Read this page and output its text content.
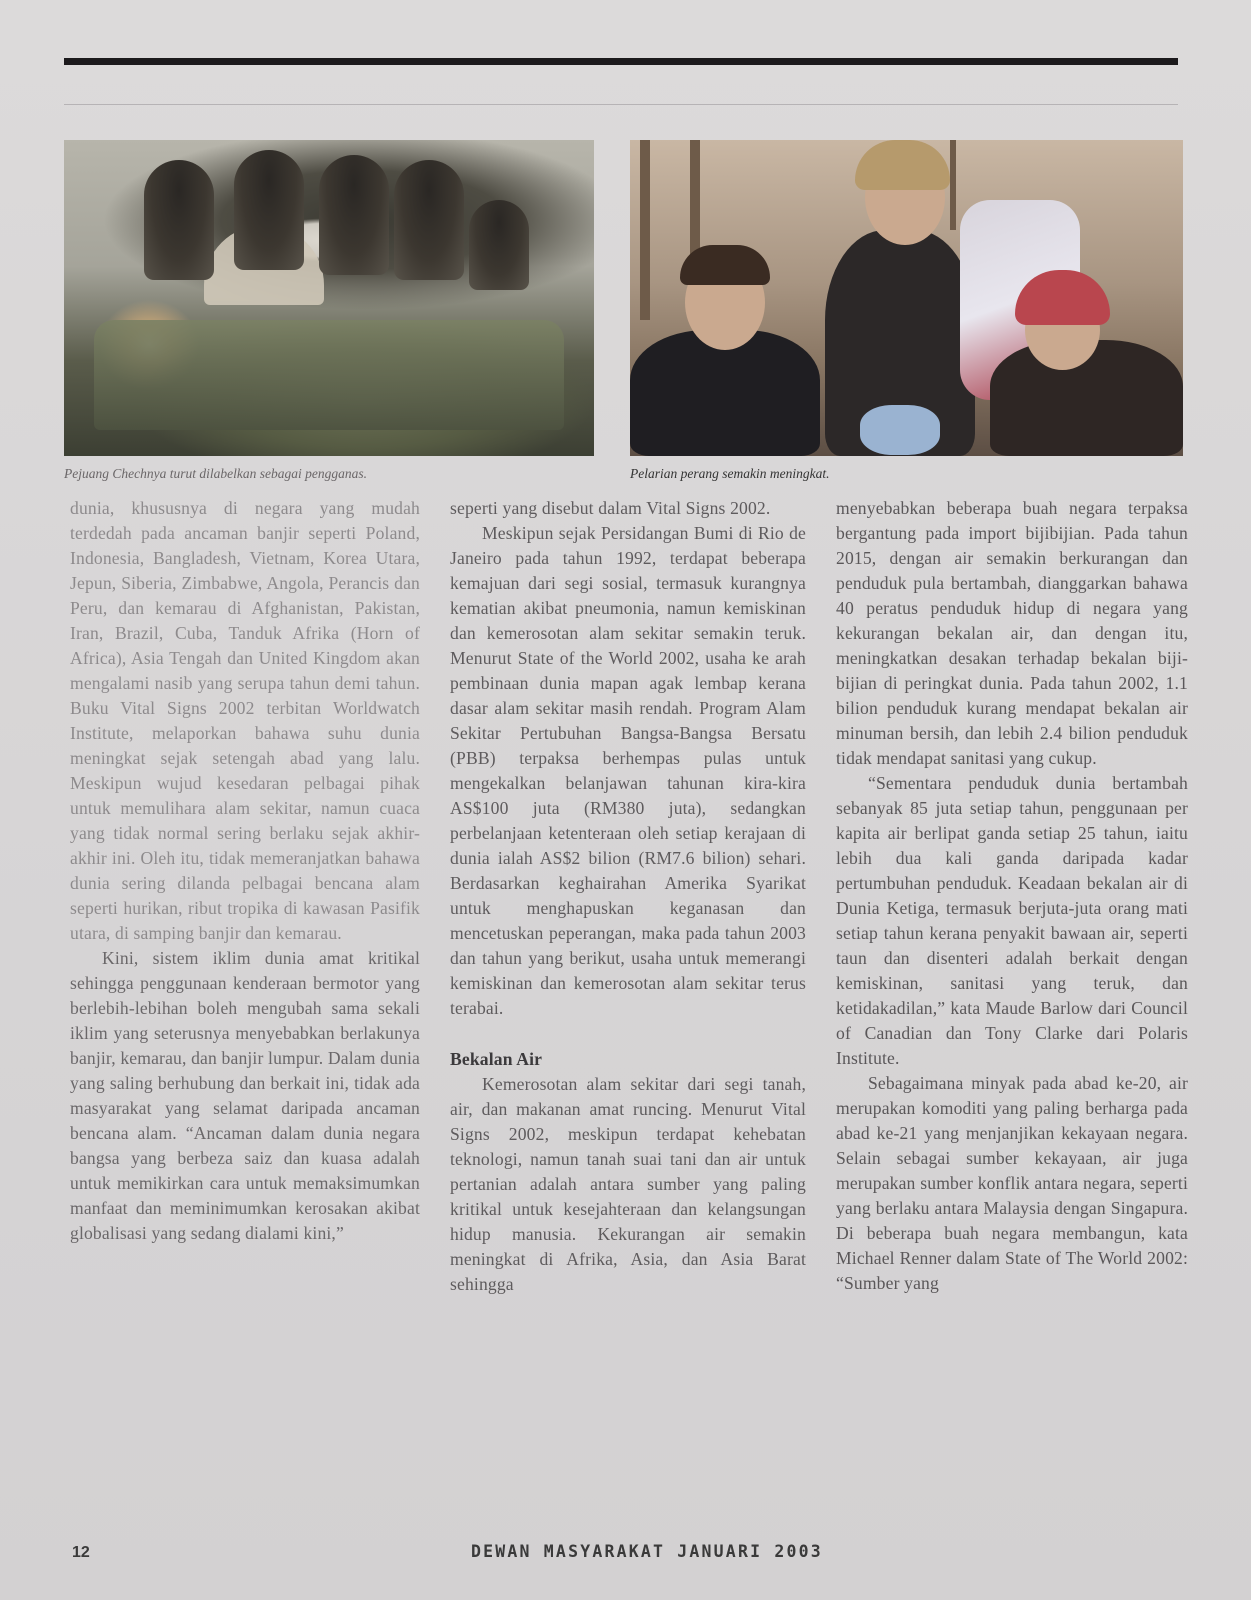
Pejuang Chechnya turut dilabelkan sebagai pengganas.	Pelarian perang semakin meningkat.

dunia, khususnya di negara yang mudah terdedah pada ancaman banjir seperti Poland, Indonesia, Bangladesh, Vietnam, Korea Utara, Jepun, Siberia, Zimbabwe, Angola, Perancis dan Peru, dan kemarau di Afghanistan, Pakistan, Iran, Brazil, Cuba, Tanduk Afrika (Horn of Africa), Asia Tengah dan United Kingdom akan mengalami nasib yang serupa tahun demi tahun. Buku Vital Signs 2002 terbitan Worldwatch Institute, melaporkan bahawa suhu dunia meningkat sejak setengah abad yang lalu. Meskipun wujud kesedaran pelbagai pihak untuk memulihara alam sekitar, namun cuaca yang tidak normal sering berlaku sejak akhir-akhir ini. Oleh itu, tidak memeranjatkan bahawa dunia sering dilanda pelbagai bencana alam seperti hurikan, ribut tropika di kawasan Pasifik utara, di samping banjir dan kemarau.

Kini, sistem iklim dunia amat kritikal sehingga penggunaan kenderaan bermotor yang berlebih-lebihan boleh mengubah sama sekali iklim yang seterusnya menyebabkan berlakunya banjir, kemarau, dan banjir lumpur. Dalam dunia yang saling berhubung dan berkait ini, tidak ada masyarakat yang selamat daripada ancaman bencana alam. “Ancaman dalam dunia negara bangsa yang berbeza saiz dan kuasa adalah untuk memikirkan cara untuk memaksimumkan manfaat dan meminimumkan kerosakan akibat globalisasi yang sedang dialami kini,”

seperti yang disebut dalam Vital Signs 2002.

Meskipun sejak Persidangan Bumi di Rio de Janeiro pada tahun 1992, terdapat beberapa kemajuan dari segi sosial, termasuk kurangnya kematian akibat pneumonia, namun kemiskinan dan kemerosotan alam sekitar semakin teruk. Menurut State of the World 2002, usaha ke arah pembinaan dunia mapan agak lembap kerana dasar alam sekitar masih rendah. Program Alam Sekitar Pertubuhan Bangsa-Bangsa Bersatu (PBB) terpaksa berhempas pulas untuk mengekalkan belanjawan tahunan kira-kira AS$100 juta (RM380 juta), sedangkan perbelanjaan ketenteraan oleh setiap kerajaan di dunia ialah AS$2 bilion (RM7.6 bilion) sehari. Berdasarkan keghairahan Amerika Syarikat untuk menghapuskan keganasan dan mencetuskan peperangan, maka pada tahun 2003 dan tahun yang berikut, usaha untuk memerangi kemiskinan dan kemerosotan alam sekitar terus terabai.

Bekalan Air

Kemerosotan alam sekitar dari segi tanah, air, dan makanan amat runcing. Menurut Vital Signs 2002, meskipun terdapat kehebatan teknologi, namun tanah suai tani dan air untuk pertanian adalah antara sumber yang paling kritikal untuk kesejahteraan dan kelangsungan hidup manusia. Kekurangan air semakin meningkat di Afrika, Asia, dan Asia Barat sehingga

menyebabkan beberapa buah negara terpaksa bergantung pada import bijibijian. Pada tahun 2015, dengan air semakin berkurangan dan penduduk pula bertambah, dianggarkan bahawa 40 peratus penduduk hidup di negara yang kekurangan bekalan air, dan dengan itu, meningkatkan desakan terhadap bekalan biji-bijian di peringkat dunia. Pada tahun 2002, 1.1 bilion penduduk kurang mendapat bekalan air minuman bersih, dan lebih 2.4 bilion penduduk tidak mendapat sanitasi yang cukup.

“Sementara penduduk dunia bertambah sebanyak 85 juta setiap tahun, penggunaan per kapita air berlipat ganda setiap 25 tahun, iaitu lebih dua kali ganda daripada kadar pertumbuhan penduduk. Keadaan bekalan air di Dunia Ketiga, termasuk berjuta-juta orang mati setiap tahun kerana penyakit bawaan air, seperti taun dan disenteri adalah berkait dengan kemiskinan, sanitasi yang teruk, dan ketidakadilan,” kata Maude Barlow dari Council of Canadian dan Tony Clarke dari Polaris Institute.

Sebagaimana minyak pada abad ke-20, air merupakan komoditi yang paling berharga pada abad ke-21 yang menjanjikan kekayaan negara. Selain sebagai sumber kekayaan, air juga merupakan sumber konflik antara negara, seperti yang berlaku antara Malaysia dengan Singapura. Di beberapa buah negara membangun, kata Michael Renner dalam State of The World 2002: “Sumber yang

12	DEWAN MASYARAKAT JANUARI 2003
